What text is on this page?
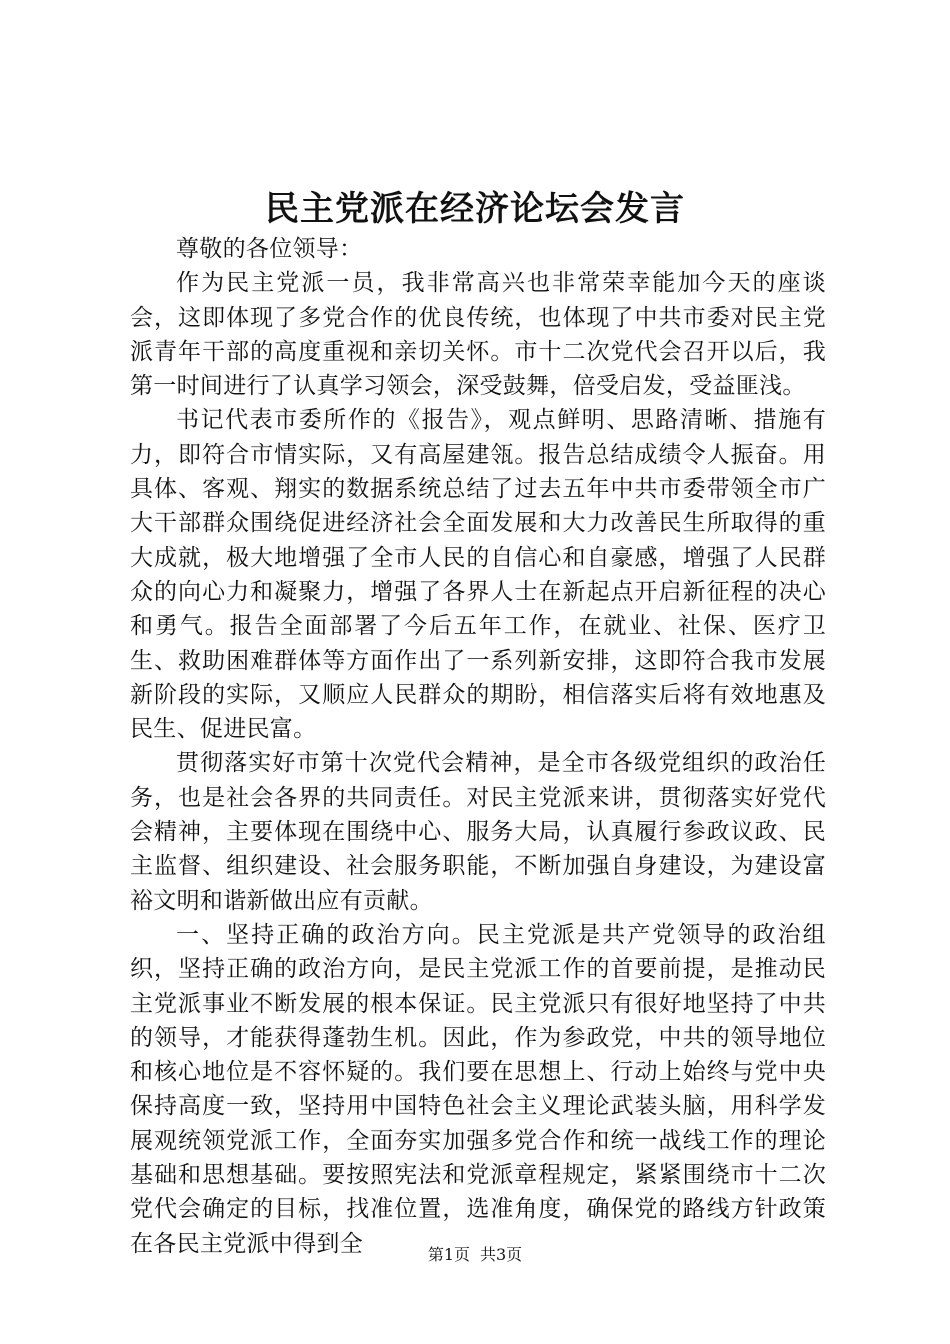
民主党派在经济论坛会发言

尊敬的各位领导：

作为民主党派一员，我非常高兴也非常荣幸能加今天的座谈会，这即体现了多党合作的优良传统，也体现了中共市委对民主党派青年干部的高度重视和亲切关怀。市十二次党代会召开以后，我第一时间进行了认真学习领会，深受鼓舞，倍受启发，受益匪浅。

书记代表市委所作的《报告》，观点鲜明、思路清晰、措施有力，即符合市情实际，又有高屋建瓴。报告总结成绩令人振奋。用具体、客观、翔实的数据系统总结了过去五年中共市委带领全市广大干部群众围绕促进经济社会全面发展和大力改善民生所取得的重大成就，极大地增强了全市人民的自信心和自豪感，增强了人民群众的向心力和凝聚力，增强了各界人士在新起点开启新征程的决心和勇气。报告全面部署了今后五年工作，在就业、社保、医疗卫生、救助困难群体等方面作出了一系列新安排，这即符合我市发展新阶段的实际，又顺应人民群众的期盼，相信落实后将有效地惠及民生、促进民富。

贯彻落实好市第十次党代会精神，是全市各级党组织的政治任务，也是社会各界的共同责任。对民主党派来讲，贯彻落实好党代会精神，主要体现在围绕中心、服务大局，认真履行参政议政、民主监督、组织建设、社会服务职能，不断加强自身建设，为建设富裕文明和谐新做出应有贡献。

一、坚持正确的政治方向。民主党派是共产党领导的政治组织，坚持正确的政治方向，是民主党派工作的首要前提，是推动民主党派事业不断发展的根本保证。民主党派只有很好地坚持了中共的领导，才能获得蓬勃生机。因此，作为参政党，中共的领导地位和核心地位是不容怀疑的。我们要在思想上、行动上始终与党中央保持高度一致，坚持用中国特色社会主义理论武装头脑，用科学发展观统领党派工作，全面夯实加强多党合作和统一战线工作的理论基础和思想基础。要按照宪法和党派章程规定，紧紧围绕市十二次党代会确定的目标，找准位置，选准角度，确保党的路线方针政策在各民主党派中得到全	第1页 共3页
